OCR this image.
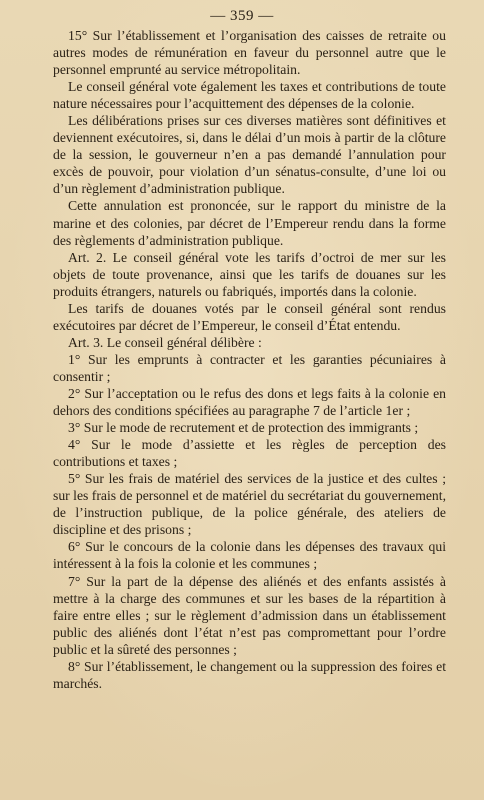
— 359 —

15° Sur l’établissement et l’organisation des caisses de retraite ou autres modes de rémunération en faveur du personnel autre que le personnel emprunté au service métropolitain.

Le conseil général vote également les taxes et contributions de toute nature nécessaires pour l’acquittement des dépenses de la colonie.

Les délibérations prises sur ces diverses matières sont définitives et deviennent exécutoires, si, dans le délai d’un mois à partir de la clôture de la session, le gouverneur n’en a pas demandé l’annulation pour excès de pouvoir, pour violation d’un sénatus-consulte, d’une loi ou d’un règlement d’administration publique.

Cette annulation est prononcée, sur le rapport du ministre de la marine et des colonies, par décret de l’Empereur rendu dans la forme des règlements d’administration publique.

Art. 2. Le conseil général vote les tarifs d’octroi de mer sur les objets de toute provenance, ainsi que les tarifs de douanes sur les produits étrangers, naturels ou fabriqués, importés dans la colonie.

Les tarifs de douanes votés par le conseil général sont rendus exécutoires par décret de l’Empereur, le conseil d’État entendu.

Art. 3. Le conseil général délibère :

1° Sur les emprunts à contracter et les garanties pécuniaires à consentir ;

2° Sur l’acceptation ou le refus des dons et legs faits à la colonie en dehors des conditions spécifiées au paragraphe 7 de l’article 1er ;

3° Sur le mode de recrutement et de protection des immigrants ;

4° Sur le mode d’assiette et les règles de perception des contributions et taxes ;

5° Sur les frais de matériel des services de la justice et des cultes ; sur les frais de personnel et de matériel du secrétariat du gouvernement, de l’instruction publique, de la police générale, des ateliers de discipline et des prisons ;

6° Sur le concours de la colonie dans les dépenses des travaux qui intéressent à la fois la colonie et les communes ;

7° Sur la part de la dépense des aliénés et des enfants assistés à mettre à la charge des communes et sur les bases de la répartition à faire entre elles ; sur le règlement d’admission dans un établissement public des aliénés dont l’état n’est pas compromettant pour l’ordre public et la sûreté des personnes ;

8° Sur l’établissement, le changement ou la suppression des foires et marchés.
